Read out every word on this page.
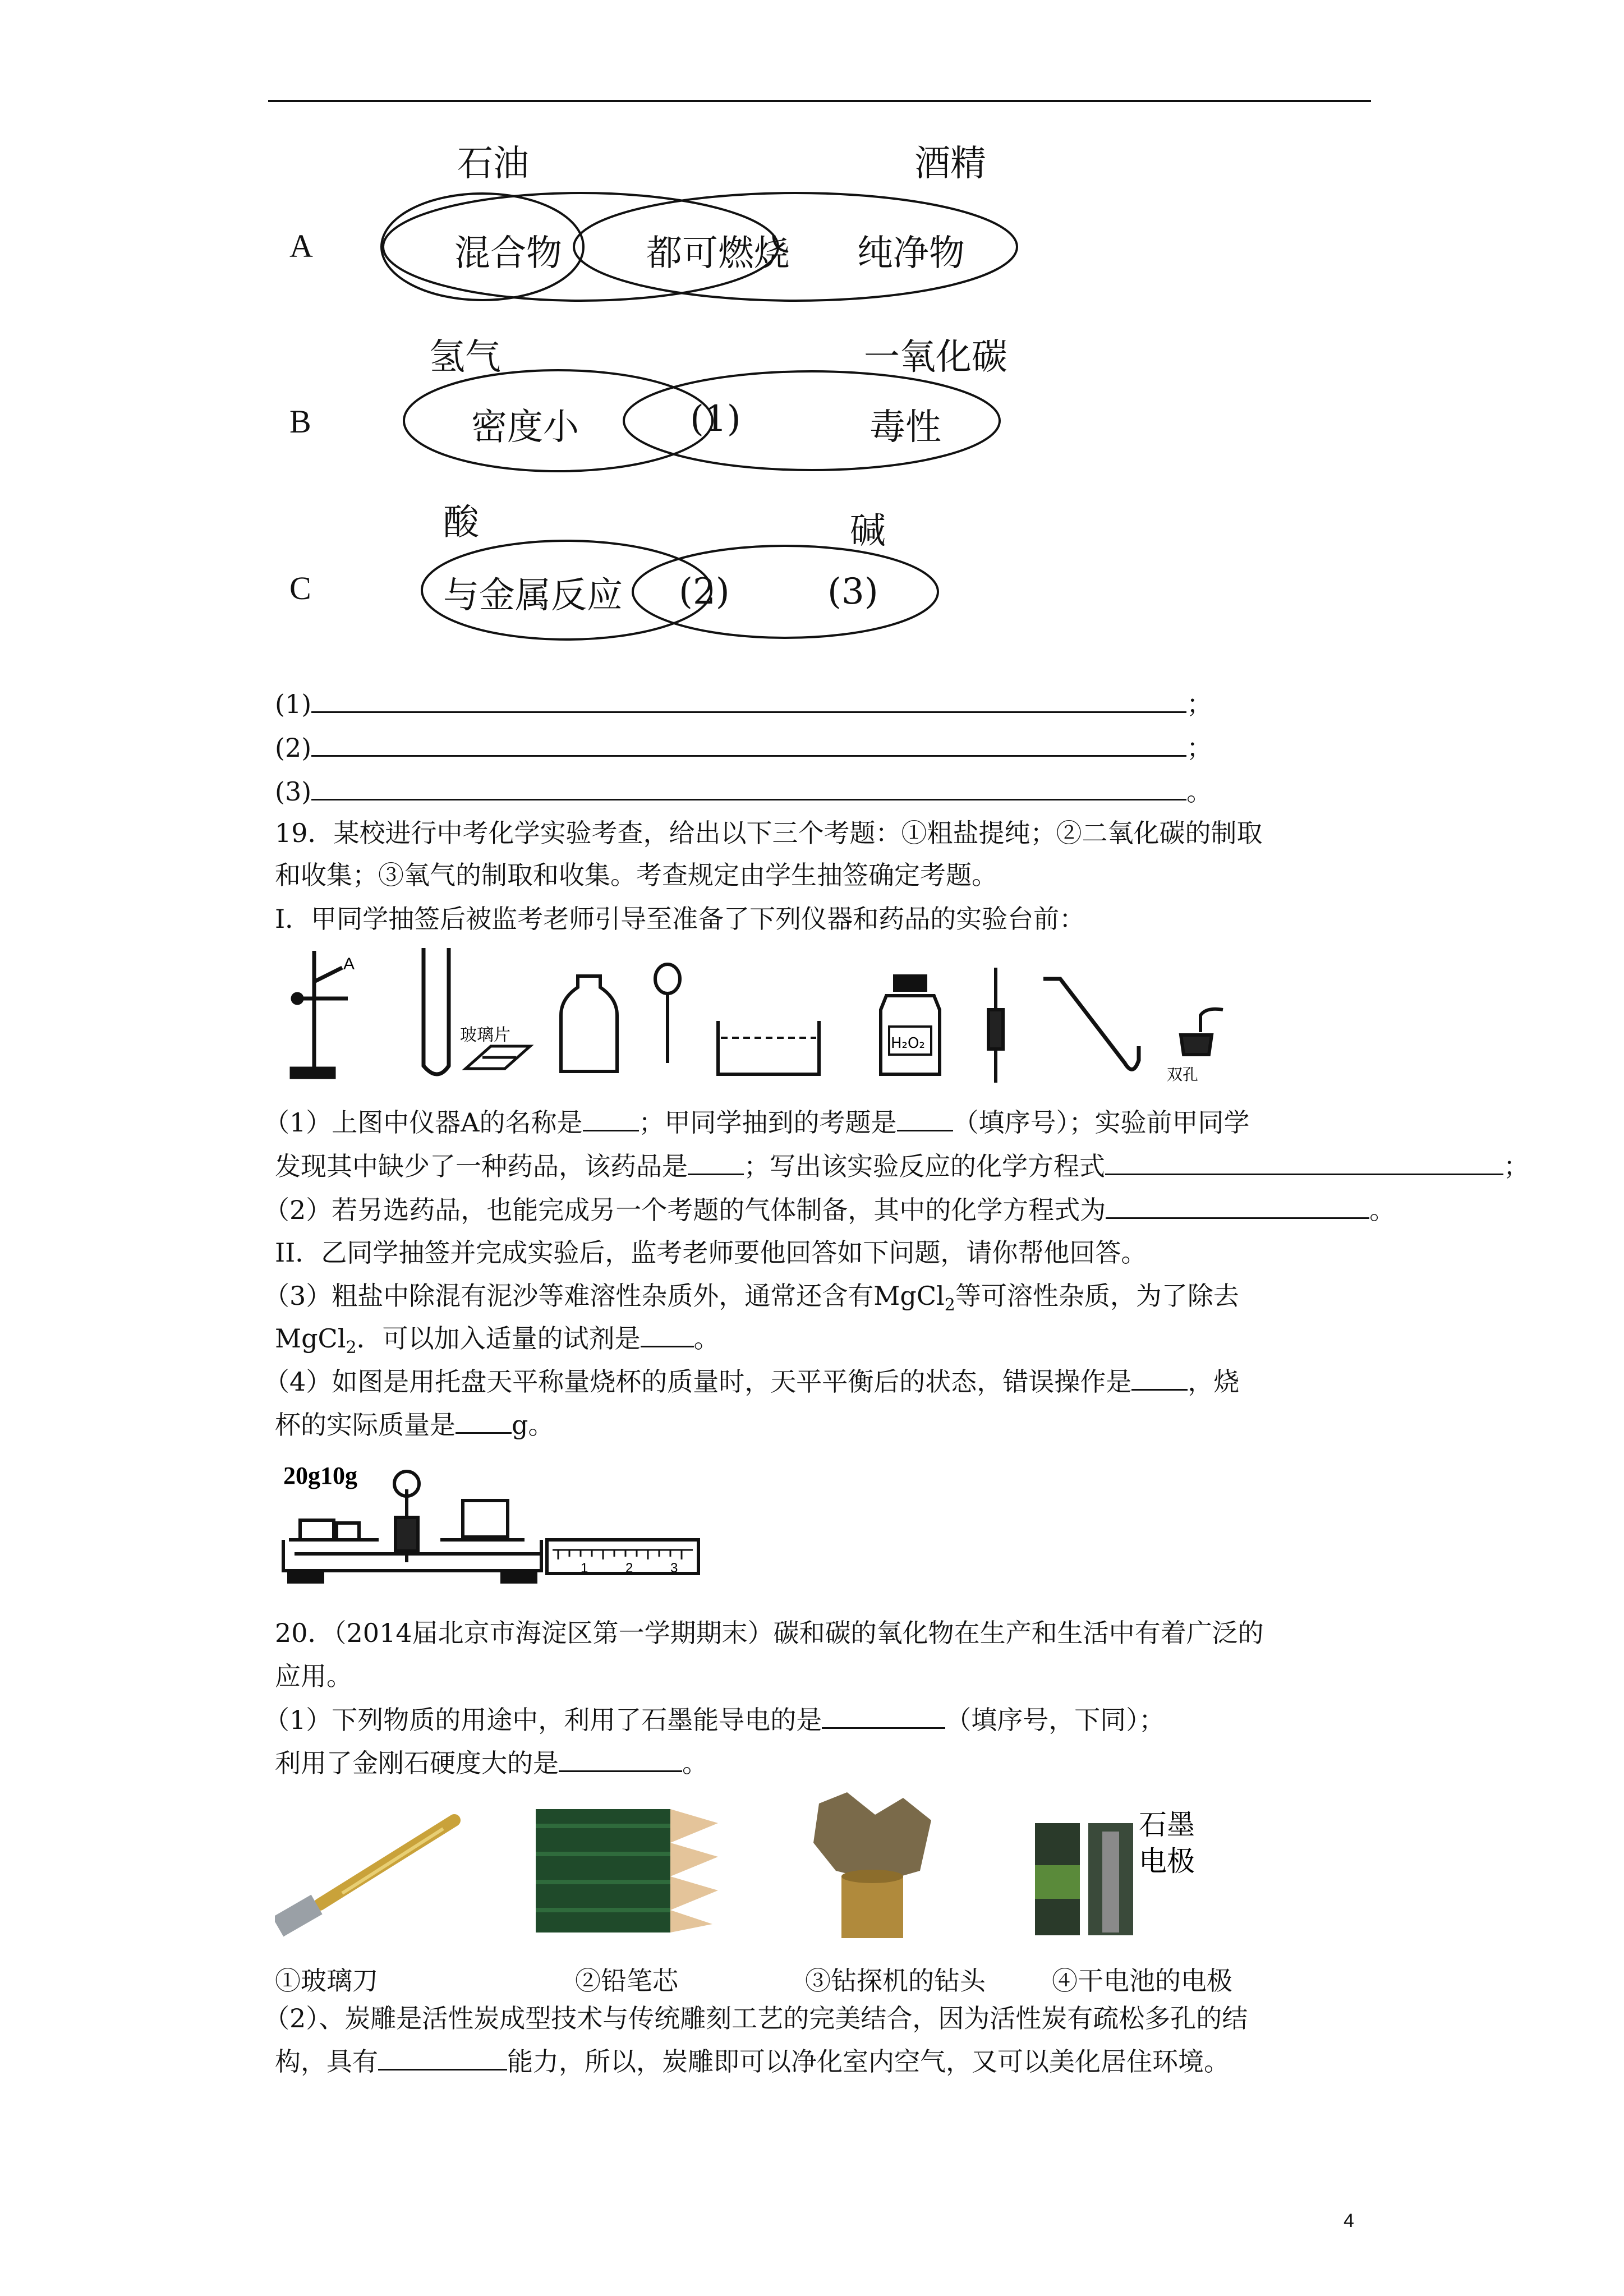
A
石油	酒精
混合物 都可燃烧 纯净物
B
氢气	一氧化碳
密度小	(1)	毒性
C
酸	碱
与金属反应 (2)	(3)
(1)	；
(2)	；
(3)	。
19．某校进行中考化学实验考查，给出以下三个考题：①粗盐提纯；②二氧化碳的制取
和收集；③氧气的制取和收集。考查规定由学生抽签确定考题。
I．甲同学抽签后被监考老师引导至准备了下列仪器和药品的实验台前：
A
玻璃片	H₂O₂
双孔
（1）上图中仪器A的名称是 ；甲同学抽到的考题是 （填序号）；实验前甲同学
发现其中缺少了一种药品，该药品是 ；写出该实验反应的化学方程式	；
（2）若另选药品，也能完成另一个考题的气体制备，其中的化学方程式为	。
II．乙同学抽签并完成实验后，监考老师要他回答如下问题，请你帮他回答。
（3）粗盐中除混有泥沙等难溶性杂质外，通常还含有MgCl$_2$等可溶性杂质，为了除去
MgCl$_2$．可以加入适量的试剂是 。
（4）如图是用托盘天平称量烧杯的质量时，天平平衡后的状态，错误操作是 ，烧
杯的实际质量是 g。
20g10g
1	2	3
20．（2014届北京市海淀区第一学期期末）碳和碳的氧化物在生产和生活中有着广泛的
应用。
（1）下列物质的用途中，利用了石墨能导电的是	（填序号，下同）；
利用了金刚石硬度大的是	。
石墨
电极
①玻璃刀	②铅笔芯	③钻探机的钻头	④干电池的电极
（2）、炭雕是活性炭成型技术与传统雕刻工艺的完美结合，因为活性炭有疏松多孔的结
构，具有	能力，所以，炭雕即可以净化室内空气，又可以美化居住环境。
4
